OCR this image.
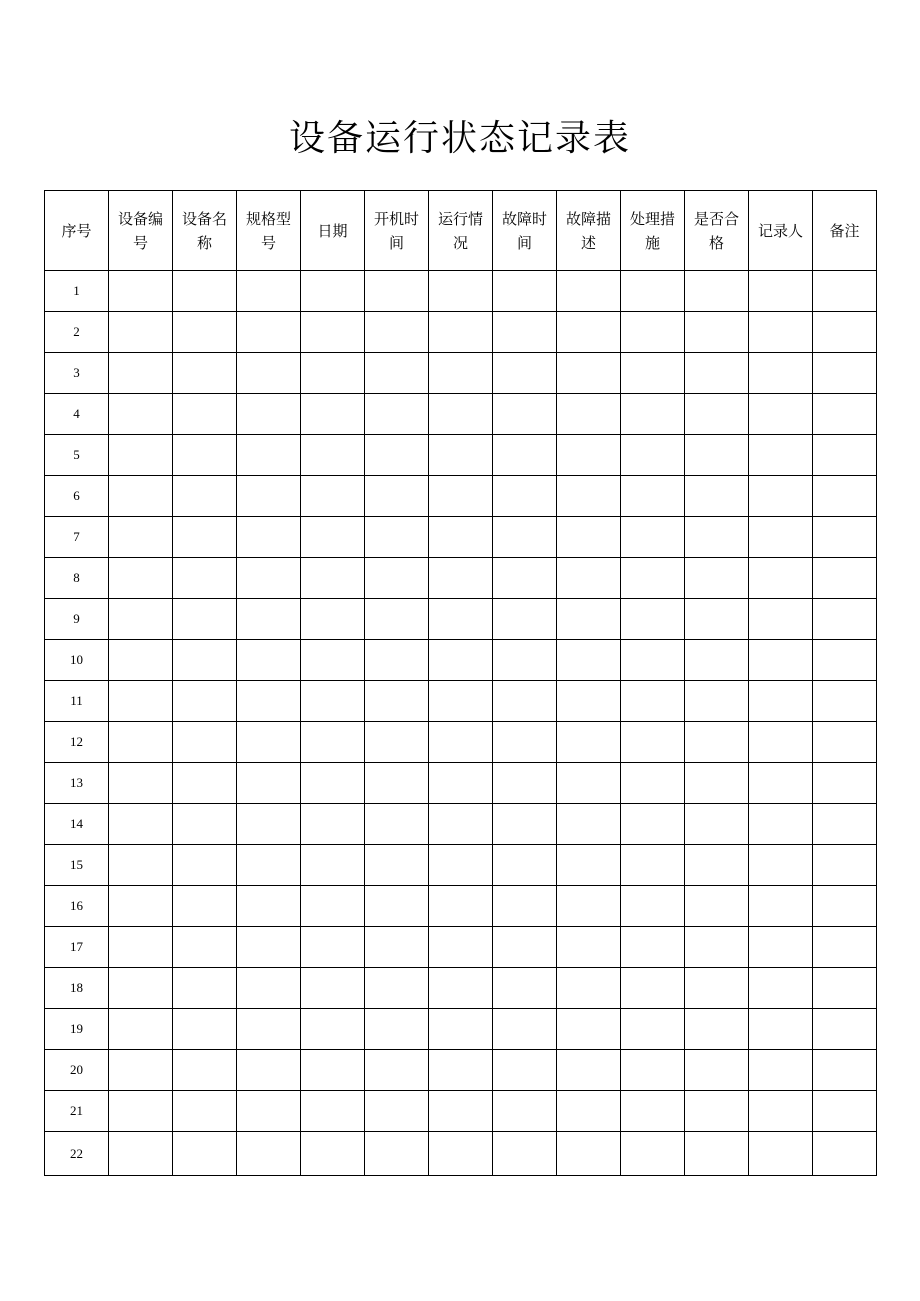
设备运行状态记录表
序号	设备编号	设备名称	规格型号	日期	开机时间	运行情况	故障时间	故障描述	处理措施	是否合格	记录人	备注
1												
2												
3												
4												
5												
6												
7												
8												
9												
10												
11												
12												
13												
14												
15												
16												
17												
18												
19												
20												
21												
22												
